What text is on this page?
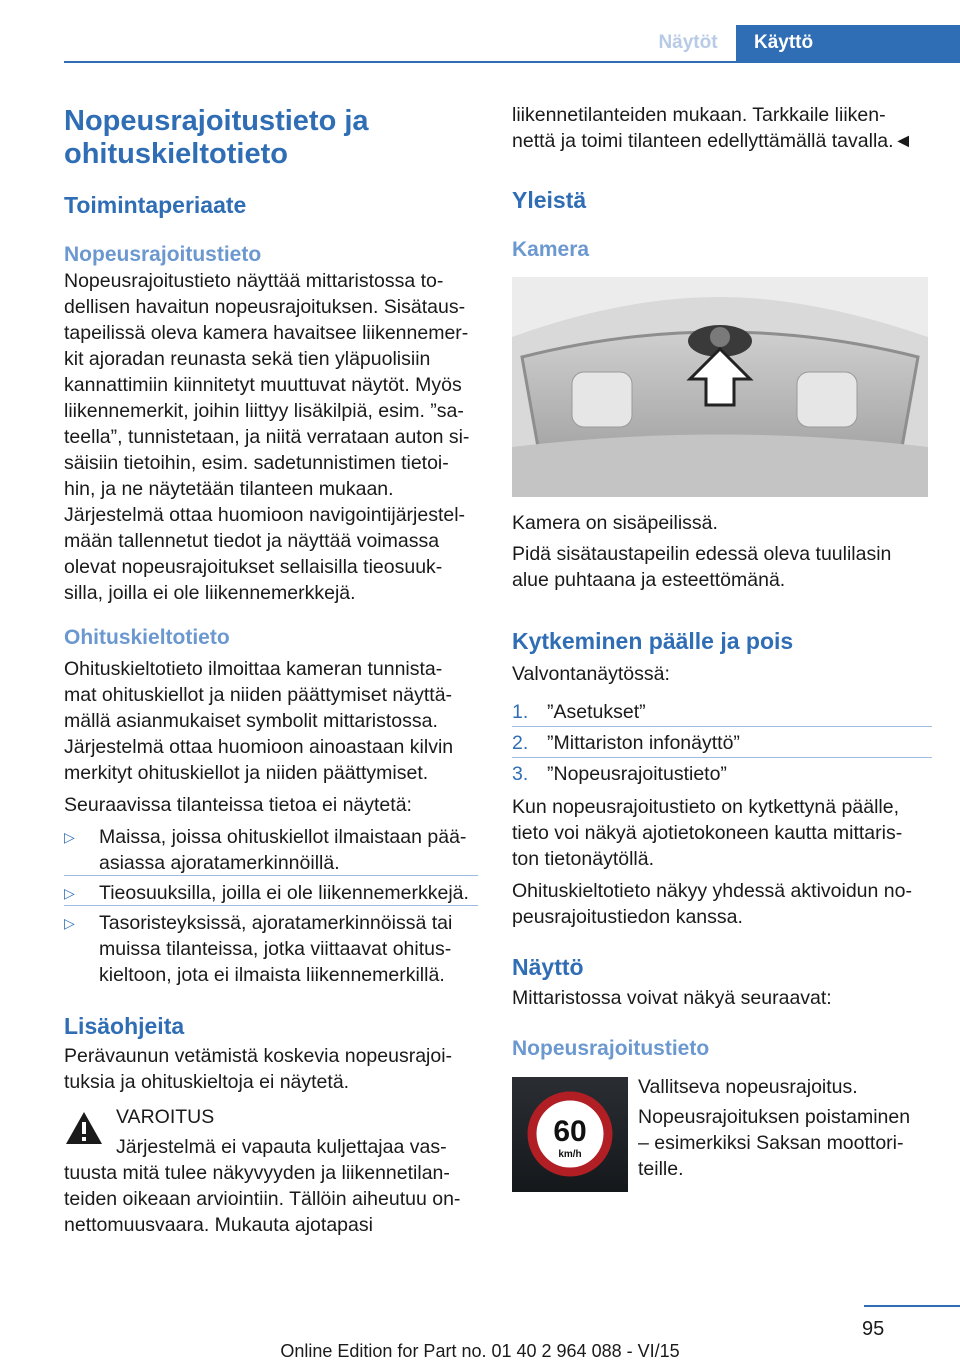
Näytöt	Käyttö
Nopeusrajoitustieto ja
ohituskieltotieto
Toimintaperiaate
Nopeusrajoitustieto
Nopeusrajoitustieto näyttää mittaristossa to‐
dellisen havaitun nopeusrajoituksen. Sisätaus‐
tapeilissä oleva kamera havaitsee liikennemer‐
kit ajoradan reunasta sekä tien yläpuolisiin
kannattimiin kiinnitetyt muuttuvat näytöt. Myös
liikennemerkit, joihin liittyy lisäkilpiä, esim. ”sa‐
teella”, tunnistetaan, ja niitä verrataan auton si‐
säisiin tietoihin, esim. sadetunnistimen tietoi‐
hin, ja ne näytetään tilanteen mukaan.
Järjestelmä ottaa huomioon navigointijärjestel‐
mään tallennetut tiedot ja näyttää voimassa
olevat nopeusrajoitukset sellaisilla tieosuuk‐
silla, joilla ei ole liikennemerkkejä.
Ohituskieltotieto
Ohituskieltotieto ilmoittaa kameran tunnista‐
mat ohituskiellot ja niiden päättymiset näyttä‐
mällä asianmukaiset symbolit mittaristossa.
Järjestelmä ottaa huomioon ainoastaan kilvin
merkityt ohituskiellot ja niiden päättymiset.
Seuraavissa tilanteissa tietoa ei näytetä:
▷ Maissa, joissa ohituskiellot ilmaistaan pää‐
asiassa ajoratamerkinnöillä.
▷ Tieosuuksilla, joilla ei ole liikennemerkkejä.
▷ Tasoristeyksissä, ajoratamerkinnöissä tai
muissa tilanteissa, jotka viittaavat ohitus‐
kieltoon, jota ei ilmaista liikennemerkillä.
Lisäohjeita
Perävaunun vetämistä koskevia nopeusrajoi‐
tuksia ja ohituskieltoja ei näytetä.
VAROITUS
Järjestelmä ei vapauta kuljettajaa vas‐
tuusta mitä tulee näkyvyyden ja liikennetilan‐
teiden oikeaan arviointiin. Tällöin aiheutuu on‐
nettomuusvaara. Mukauta ajotapasi
liikennetilanteiden mukaan. Tarkkaile liiken‐
nettä ja toimi tilanteen edellyttämällä tavalla.◄
Yleistä
Kamera
Kamera on sisäpeilissä.
Pidä sisätaustapeilin edessä oleva tuulilasin
alue puhtaana ja esteettömänä.
Kytkeminen päälle ja pois
Valvontanäytössä:
1. ”Asetukset”
2. ”Mittariston infonäyttö”
3. ”Nopeusrajoitustieto”
Kun nopeusrajoitustieto on kytkettynä päälle,
tieto voi näkyä ajotietokoneen kautta mittaris‐
ton tietonäytöllä.
Ohituskieltotieto näkyy yhdessä aktivoidun no‐
peusrajoitustiedon kanssa.
Näyttö
Mittaristossa voivat näkyä seuraavat:
Nopeusrajoitustieto
60
km/h
Vallitseva nopeusrajoitus.
Nopeusrajoituksen poistaminen
– esimerkiksi Saksan moottori‐
teille.
95
Online Edition for Part no. 01 40 2 964 088 - VI/15
